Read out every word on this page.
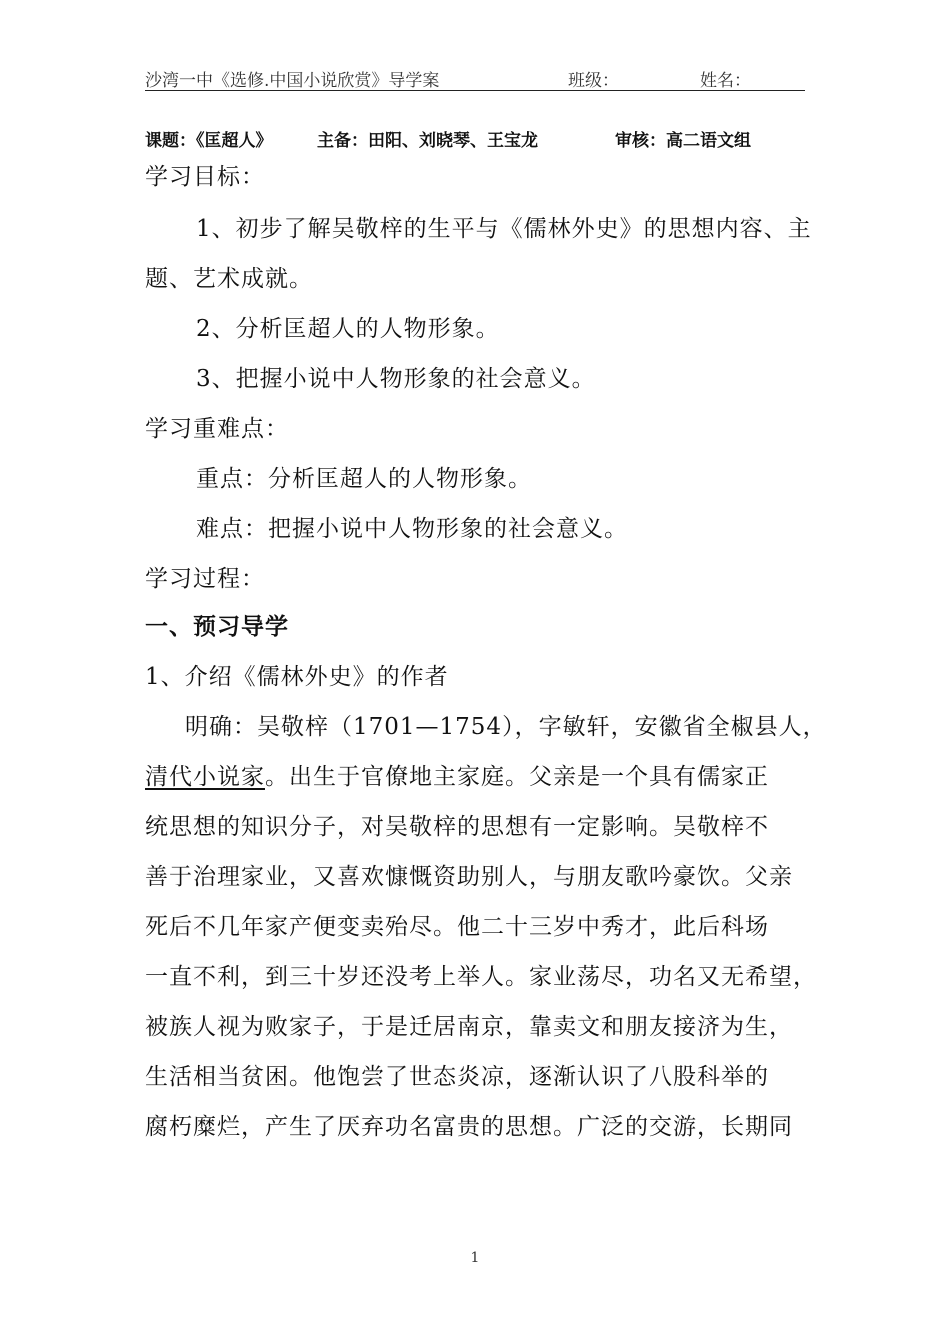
沙湾一中《选修.中国小说欣赏》导学案	班级：	姓名：
课题：《匡超人》	主备：田阳、刘晓琴、王宝龙	审核：高二语文组
学习目标：
1、初步了解吴敬梓的生平与《儒林外史》的思想内容、主
题、艺术成就。
2、分析匡超人的人物形象。
3、把握小说中人物形象的社会意义。
学习重难点：
重点：分析匡超人的人物形象。
难点：把握小说中人物形象的社会意义。
学习过程：
一、预习导学
1、介绍《儒林外史》的作者
明确：吴敬梓（1701—1754），字敏轩，安徽省全椒县人，
清代小说家。出生于官僚地主家庭。父亲是一个具有儒家正
统思想的知识分子，对吴敬梓的思想有一定影响。吴敬梓不
善于治理家业，又喜欢慷慨资助别人，与朋友歌吟豪饮。父亲
死后不几年家产便变卖殆尽。他二十三岁中秀才，此后科场
一直不利，到三十岁还没考上举人。家业荡尽，功名又无希望，
被族人视为败家子，于是迁居南京，靠卖文和朋友接济为生，
生活相当贫困。他饱尝了世态炎凉，逐渐认识了八股科举的
腐朽糜烂，产生了厌弃功名富贵的思想。广泛的交游，长期同
1
